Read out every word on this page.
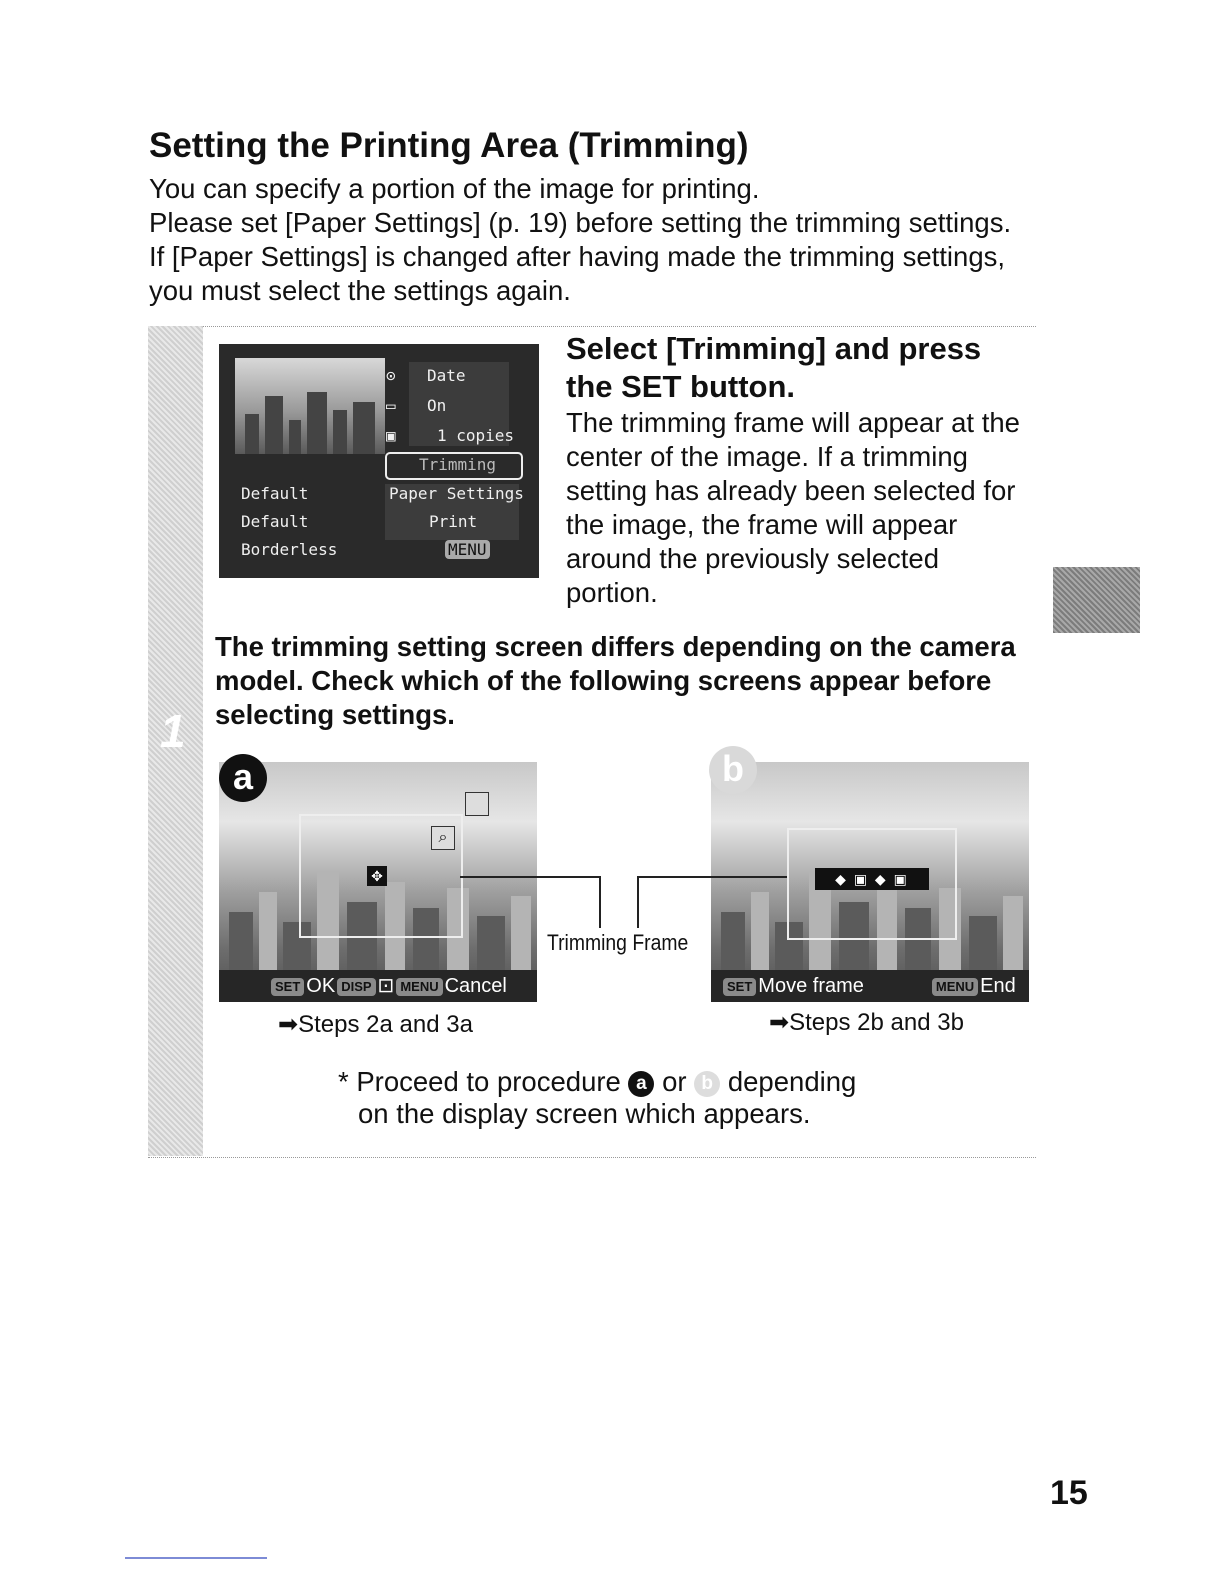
Setting the Printing Area (Trimming)

You can specify a portion of the image for printing.

Please set [Paper Settings] (p. 19) before setting the trimming settings. If [Paper Settings] is changed after having made the trimming settings, you must select the settings again.

1
⊙ Date
▭ On
▣	1 copies
Trimming
Default	Paper Settings
Default	Print
Borderless	MENU
Select [Trimming] and press the SET button.

The trimming frame will appear at the center of the image. If a trimming setting has already been selected for the image, the frame will appear around the previously selected portion.

The trimming setting screen differs depending on the camera model. Check which of the following screens appear before selecting settings.

⌕
✥
SET OK DISP ⊡ MENU Cancel
◆ ▣ ◆ ▣
SET Move frame	MENU End
a	b
Trimming Frame
➡Steps 2a and 3a	➡Steps 2b and 3b

* Proceed to procedure a or b depending

on the display screen which appears.

15
